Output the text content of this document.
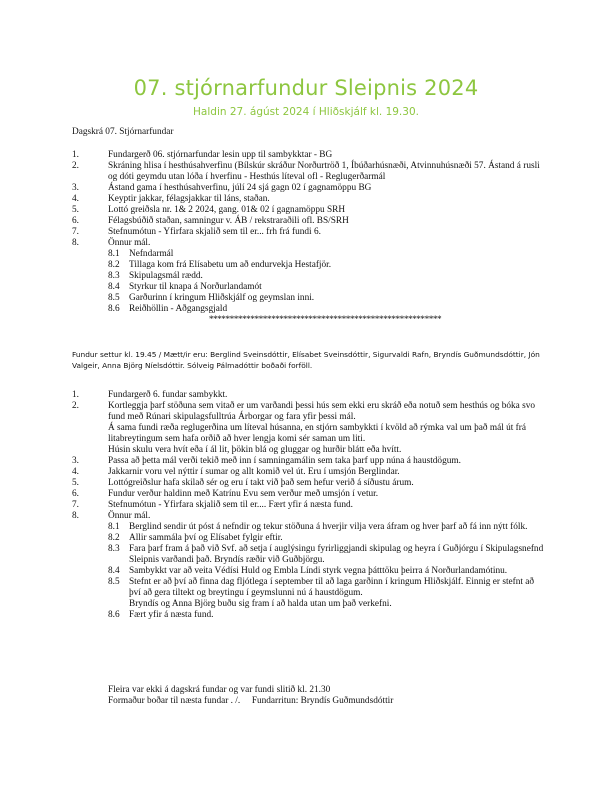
07. stjórnarfundur Sleipnis 2024
Haldin 27. ágúst 2024 í Hliðskjálf kl. 19.30.
Dagskrá 07. Stjórnarfundar
1.	Fundargerð 06. stjórnarfundar lesin upp til sambykktar - BG
2.	Skráning hlisa í hesthúsahverfinu (Bílskúr skráður Norðurtröð 1, Íbúðarhúsnæði, Atvinnuhúsnæði 57. Ástand á rusli og dóti geymdu utan lóða í hverfinu - Hesthús líteval ofl - Reglugerðarmál
3.	Ástand gama í hesthúsahverfinu, júlí 24 sjá gagn 02 í gagnamöppu BG
4.	Keyptir jakkar, félagsjakkar til láns, staðan.
5.	Lottó greiðsla nr. 1& 2 2024, gang. 01& 02 í gagnamöppu SRH
6.	Félagsbúðið staðan, samningur v. ÁB / rekstraraðili ofl. BS/SRH
7.	Stefnumótun - Yfirfara skjalið sem til er... frh frá fundi 6.
8.	Önnur mál.
8.1 Nefndarmál
8.2 Tillaga kom frá Elísabetu um að endurvekja Hestafjör.
8.3 Skipulagsmál rædd.
8.4 Styrkur til knapa á Norðurlandamót
8.5 Garðurinn í kringum Hliðskjálf og geymslan inni.
8.6 Reiðhöllin - Aðgangsgjald
********************************************************
Fundur settur kl. 19.45 / Mætt/ir eru: Berglind Sveinsdóttir, Elísabet Sveinsdóttir, Sigurvaldi Rafn, Bryndís Guðmundsdóttir, Jón Valgeir, Anna Björg Níelsdóttir. Sólveig Pálmadóttir boðaði forföll.
1.	Fundargerð 6. fundar sambykkt.
2.	Kortleggja þarf stöðuna sem vitað er um varðandi þessi hús sem ekki eru skráð eða notuð sem hesthús og bóka svo fund með Rúnari skipulagsfulltrúa Árborgar og fara yfir þessi mál.
Á sama fundi ræða reglugerðina um líteval húsanna, en stjórn sambykkti í kvöld að rýmka val um það mál út frá litabreytingum sem hafa orðið að hver lengja komi sér saman um liti.
Húsin skulu vera hvít eða í ál lit, þökin blá og gluggar og hurðir blátt eða hvítt.
3.	Passa að þetta mál verði tekið með inn í samningamálin sem taka þarf upp núna á haustdögum.
4.	Jakkarnir voru vel nýttir í sumar og allt komið vel út. Eru í umsjón Berglindar.
5.	Lottógreiðslur hafa skilað sér og eru í takt við það sem hefur verið á síðustu árum.
6.	Fundur verður haldinn með Katrínu Evu sem verður með umsjón í vetur.
7.	Stefnumótun - Yfirfara skjalið sem til er.... Fært yfir á næsta fund.
8.	Önnur mál.
8.1	Berglind sendir út póst á nefndir og tekur stöðuna á hverjir vilja vera áfram og hver þarf að fá inn nýtt fólk.
8.2	Allir sammála því og Elísabet fylgir eftir.
8.3	Fara þarf fram á það við Svf. að setja í auglýsingu fyrirliggjandi skipulag og heyra í Guðjórgu í Skipulagsnefnd Sleipnis varðandi það. Bryndís ræðir við Guðbjörgu.
8.4	Sambykkt var að veita Védísi Huld og Embla Líndi styrk vegna þátttöku þeirra á Norðurlandamótinu.
8.5	Stefnt er að því að finna dag fljótlega í september til að laga garðinn í kringum Hliðskjálf. Einnig er stefnt að því að gera tiltekt og breytingu í geymslunni nú á haustdögum.
Bryndís og Anna Björg buðu sig fram í að halda utan um það verkefni.
8.6	Fært yfir á næsta fund.
Fleira var ekki á dagskrá fundar og var fundi slitið kl. 21.30
Formaður boðar til næsta fundar . /.     Fundarritun: Bryndís Guðmundsdóttir
